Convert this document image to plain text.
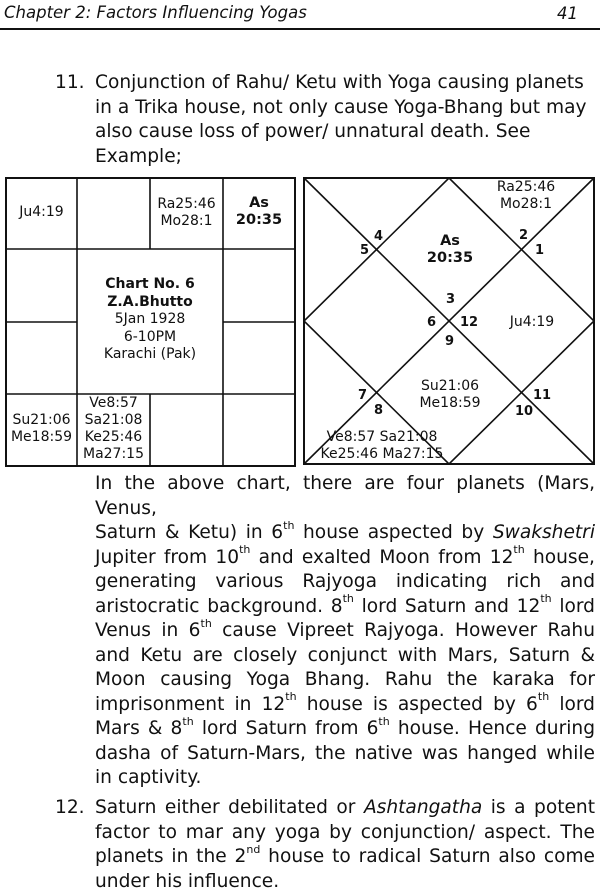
Chapter 2: Factors Influencing Yogas	41
11. Conjunction of Rahu/ Ketu with Yoga causing planets
in a Trika house, not only cause Yoga-Bhang but may
also cause loss of power/ unnatural death. See
Example;
Ju4:19	Ra25:46
Mo28:1
As
20:35
Chart No. 6
Z.A.Bhutto
5Jan 1928
6-10PM
Karachi (Pak)
Su21:06
Me18:59
Ve8:57
Sa21:08
Ke25:46
Ma27:15
2
1
4
5
3
6 12
9
7
8
11
10
Ra25:46
Mo28:1
As
20:35
Ju4:19
Su21:06
Me18:59
Ve8:57 Sa21:08
Ke25:46 Ma27:15
In the above chart, there are four planets (Mars, Venus,
Saturn & Ketu) in 6th house aspected by Swakshetri
Jupiter from 10th and exalted Moon from 12th house,
generating various Rajyoga indicating rich and
aristocratic background. 8th lord Saturn and 12th lord
Venus in 6th cause Vipreet Rajyoga. However Rahu
and Ketu are closely conjunct with Mars, Saturn &
Moon causing Yoga Bhang. Rahu the karaka for
imprisonment in 12th house is aspected by 6th lord
Mars & 8th lord Saturn from 6th house. Hence during
dasha of Saturn-Mars, the native was hanged while
in captivity.
12. Saturn either debilitated or Ashtangatha is a potent
factor to mar any yoga by conjunction/ aspect. The
planets in the 2nd house to radical Saturn also come
under his influence.
